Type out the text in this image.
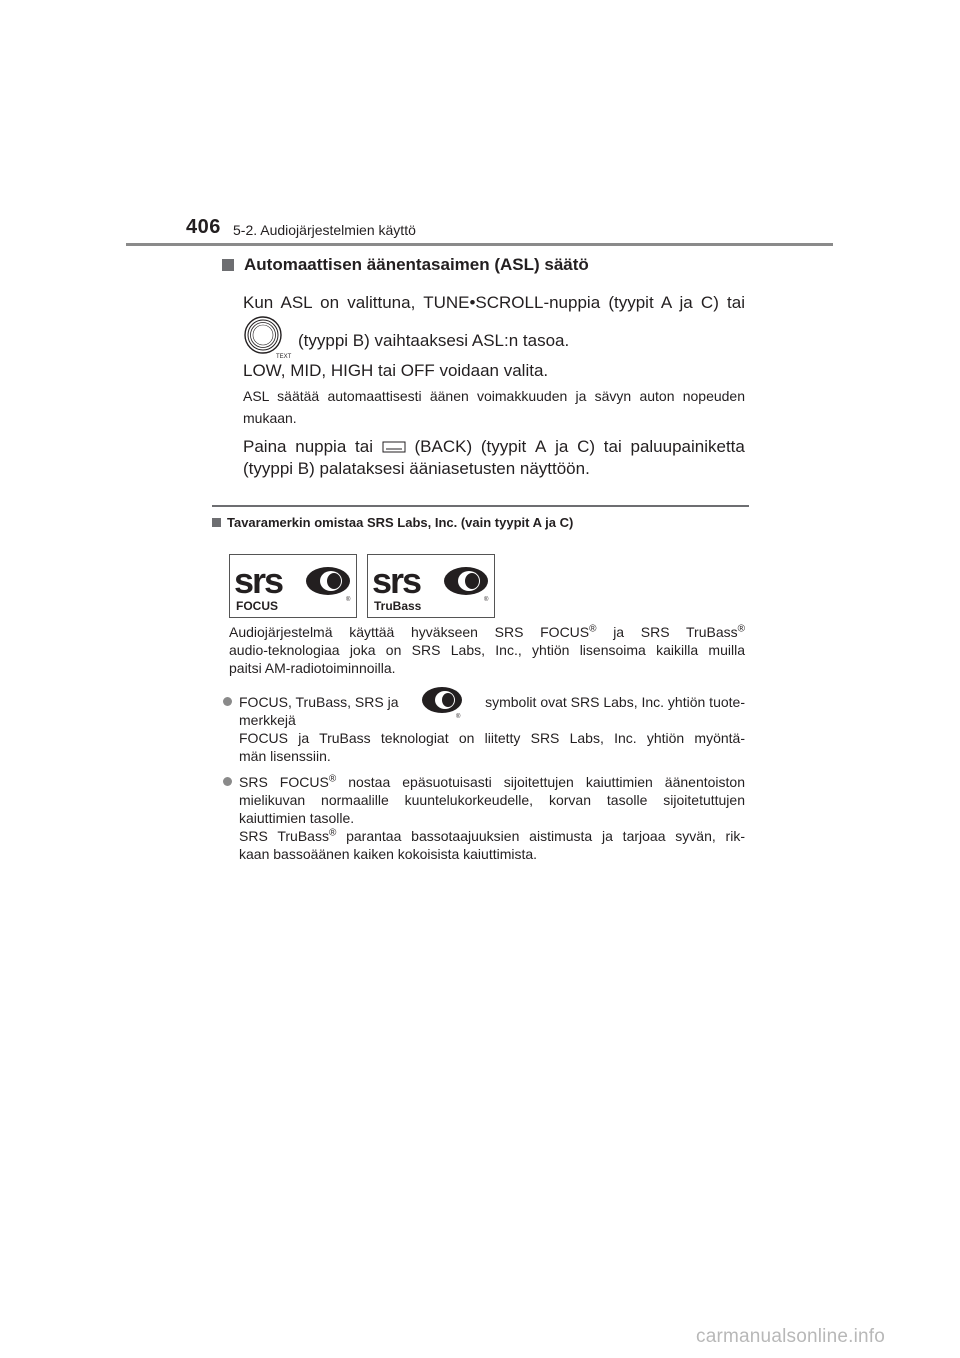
406 5-2. Audiojärjestelmien käyttö
Automaattisen äänentasaimen (ASL) säätö
Kun ASL on valittuna, TUNE•SCROLL-nuppia (tyypit A ja C) tai
TEXT
(tyyppi B) vaihtaaksesi ASL:n tasoa.
LOW, MID, HIGH tai OFF voidaan valita.
ASL säätää automaattisesti äänen voimakkuuden ja sävyn auton nopeuden mukaan.
Paina nuppia tai (BACK) (tyypit A ja C) tai paluupainiketta
(tyyppi B) palataksesi ääniasetusten näyttöön.
Tavaramerkin omistaa SRS Labs, Inc. (vain tyypit A ja C)
srs	®
FOCUS
srs	®
TruBass
Audiojärjestelmä käyttää hyväkseen SRS FOCUS® ja SRS TruBass®
audio-teknologiaa joka on SRS Labs, Inc., yhtiön lisensoima kaikilla muilla
paitsi AM-radiotoiminnoilla.
FOCUS, TruBass, SRS ja
®
symbolit ovat SRS Labs, Inc. yhtiön tuote-
merkkejä
FOCUS ja TruBass teknologiat on liitetty SRS Labs, Inc. yhtiön myöntä-
män lisenssiin.
SRS FOCUS® nostaa epäsuotuisasti sijoitettujen kaiuttimien äänentoiston
mielikuvan normaalille kuuntelukorkeudelle, korvan tasolle sijoitetuttujen
kaiuttimien tasolle.
SRS TruBass® parantaa bassotaajuuksien aistimusta ja tarjoaa syvän, rik-
kaan bassoäänen kaiken kokoisista kaiuttimista.
carmanualsonline.info
